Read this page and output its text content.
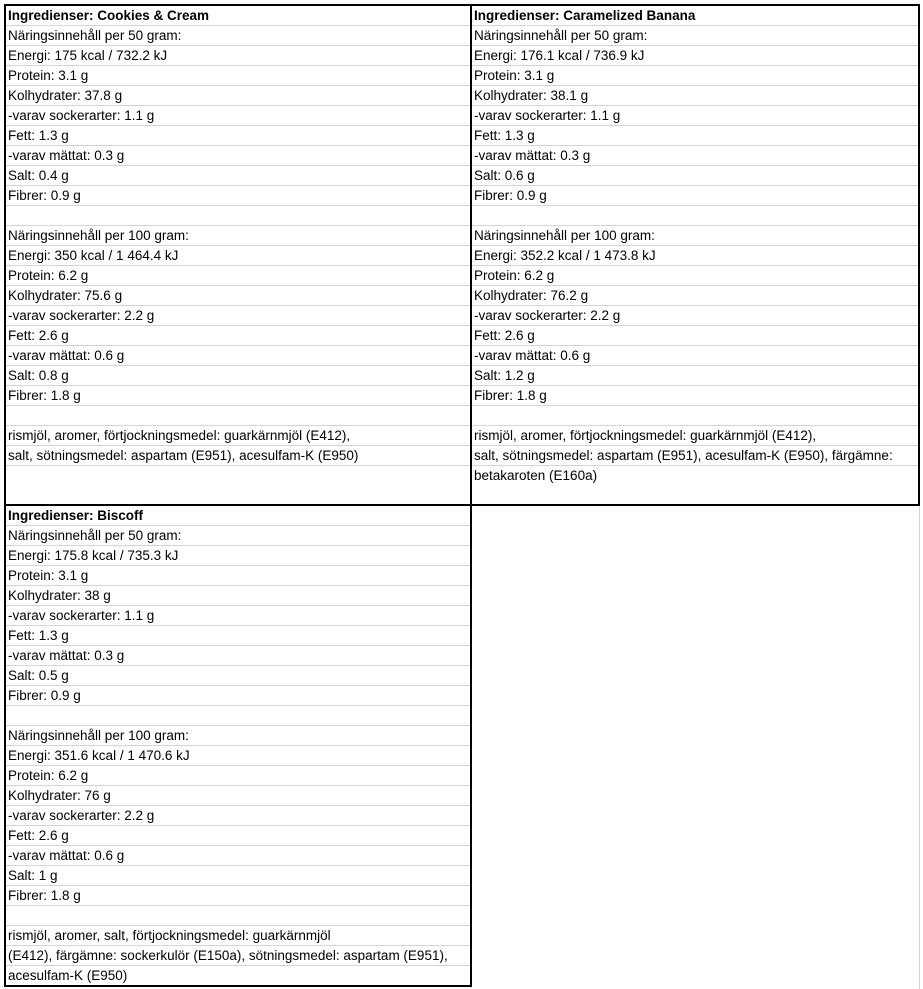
Ingredienser: Cookies & Cream
Näringsinnehåll per 50 gram:
Energi: 175 kcal / 732.2 kJ
Protein: 3.1 g
Kolhydrater: 37.8 g
-varav sockerarter: 1.1 g
Fett: 1.3 g
-varav mättat: 0.3 g
Salt: 0.4 g
Fibrer: 0.9 g
Näringsinnehåll per 100 gram:
Energi: 350 kcal / 1 464.4 kJ
Protein: 6.2 g
Kolhydrater: 75.6 g
-varav sockerarter: 2.2 g
Fett: 2.6 g
-varav mättat: 0.6 g
Salt: 0.8 g
Fibrer: 1.8 g
rismjöl, aromer, förtjockningsmedel: guarkärnmjöl (E412),
salt, sötningsmedel: aspartam (E951), acesulfam-K (E950)
Ingredienser: Caramelized Banana
Näringsinnehåll per 50 gram:
Energi: 176.1 kcal / 736.9 kJ
Protein: 3.1 g
Kolhydrater: 38.1 g
-varav sockerarter: 1.1 g
Fett: 1.3 g
-varav mättat: 0.3 g
Salt: 0.6 g
Fibrer: 0.9 g
Näringsinnehåll per 100 gram:
Energi: 352.2 kcal / 1 473.8 kJ
Protein: 6.2 g
Kolhydrater: 76.2 g
-varav sockerarter: 2.2 g
Fett: 2.6 g
-varav mättat: 0.6 g
Salt: 1.2 g
Fibrer: 1.8 g
rismjöl, aromer, förtjockningsmedel: guarkärnmjöl (E412),
salt, sötningsmedel: aspartam (E951), acesulfam-K (E950), färgämne:
betakaroten (E160a)
Ingredienser: Biscoff
Näringsinnehåll per 50 gram:
Energi: 175.8 kcal / 735.3 kJ
Protein: 3.1 g
Kolhydrater: 38 g
-varav sockerarter: 1.1 g
Fett: 1.3 g
-varav mättat: 0.3 g
Salt: 0.5 g
Fibrer: 0.9 g
Näringsinnehåll per 100 gram:
Energi: 351.6 kcal / 1 470.6 kJ
Protein: 6.2 g
Kolhydrater: 76 g
-varav sockerarter: 2.2 g
Fett: 2.6 g
-varav mättat: 0.6 g
Salt: 1 g
Fibrer: 1.8 g
rismjöl, aromer, salt, förtjockningsmedel: guarkärnmjöl
(E412), färgämne: sockerkulör (E150a), sötningsmedel: aspartam (E951),
acesulfam-K (E950)
